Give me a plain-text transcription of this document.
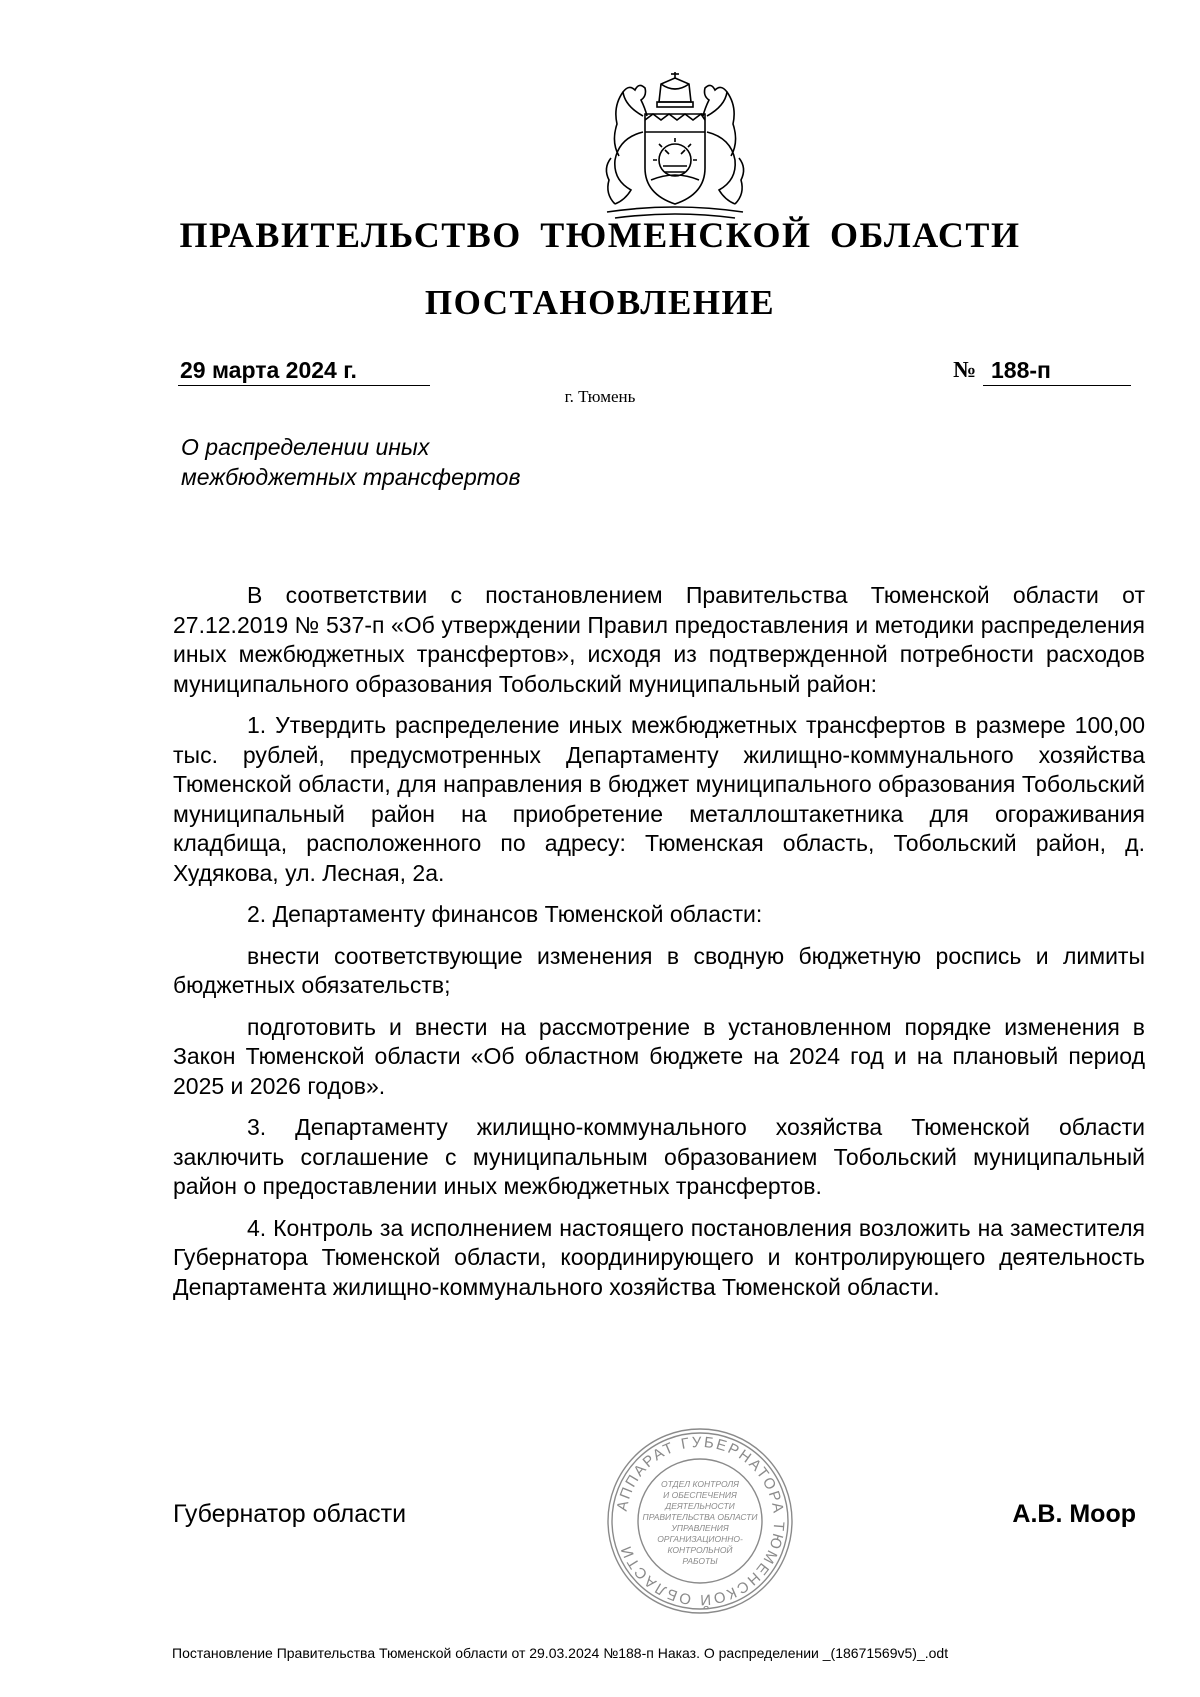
ПРАВИТЕЛЬСТВО ТЮМЕНСКОЙ ОБЛАСТИ
ПОСТАНОВЛЕНИЕ
29 марта 2024 г.	№ 188-п
г. Тюмень
О распределении иных
межбюджетных трансфертов

В соответствии с постановлением Правительства Тюменской области от 27.12.2019 № 537-п «Об утверждении Правил предоставления и методики распределения иных межбюджетных трансфертов», исходя из подтвержденной потребности расходов муниципального образования Тобольский муниципальный район:

1. Утвердить распределение иных межбюджетных трансфертов в размере 100,00 тыс. рублей, предусмотренных Департаменту жилищно-коммунального хозяйства Тюменской области, для направления в бюджет муниципального образования Тобольский муниципальный район на приобретение металлоштакетника для огораживания кладбища, расположенного по адресу: Тюменская область, Тобольский район, д. Худякова, ул. Лесная, 2а.

2. Департаменту финансов Тюменской области:

внести соответствующие изменения в сводную бюджетную роспись и лимиты бюджетных обязательств;

подготовить и внести на рассмотрение в установленном порядке изменения в Закон Тюменской области «Об областном бюджете на 2024 год и на плановый период 2025 и 2026 годов».

3. Департаменту жилищно-коммунального хозяйства Тюменской области заключить соглашение с муниципальным образованием Тобольский муниципальный район о предоставлении иных межбюджетных трансфертов.

4. Контроль за исполнением настоящего постановления возложить на заместителя Губернатора Тюменской области, координирующего и контролирующего деятельность Департамента жилищно-коммунального хозяйства Тюменской области.

АППАРАТ ГУБЕРНАТОРА ТЮМЕНСКОЙ ОБЛАСТИ
ОТДЕЛ КОНТРОЛЯ
И ОБЕСПЕЧЕНИЯ
ДЕЯТЕЛЬНОСТИ
ПРАВИТЕЛЬСТВА ОБЛАСТИ
УПРАВЛЕНИЯ
ОРГАНИЗАЦИОННО-
КОНТРОЛЬНОЙ
РАБОТЫ
Губернатор области	А.В. Моор
Постановление Правительства Тюменской области от 29.03.2024 №188-п Наказ. О распределении _(18671569v5)_.odt
